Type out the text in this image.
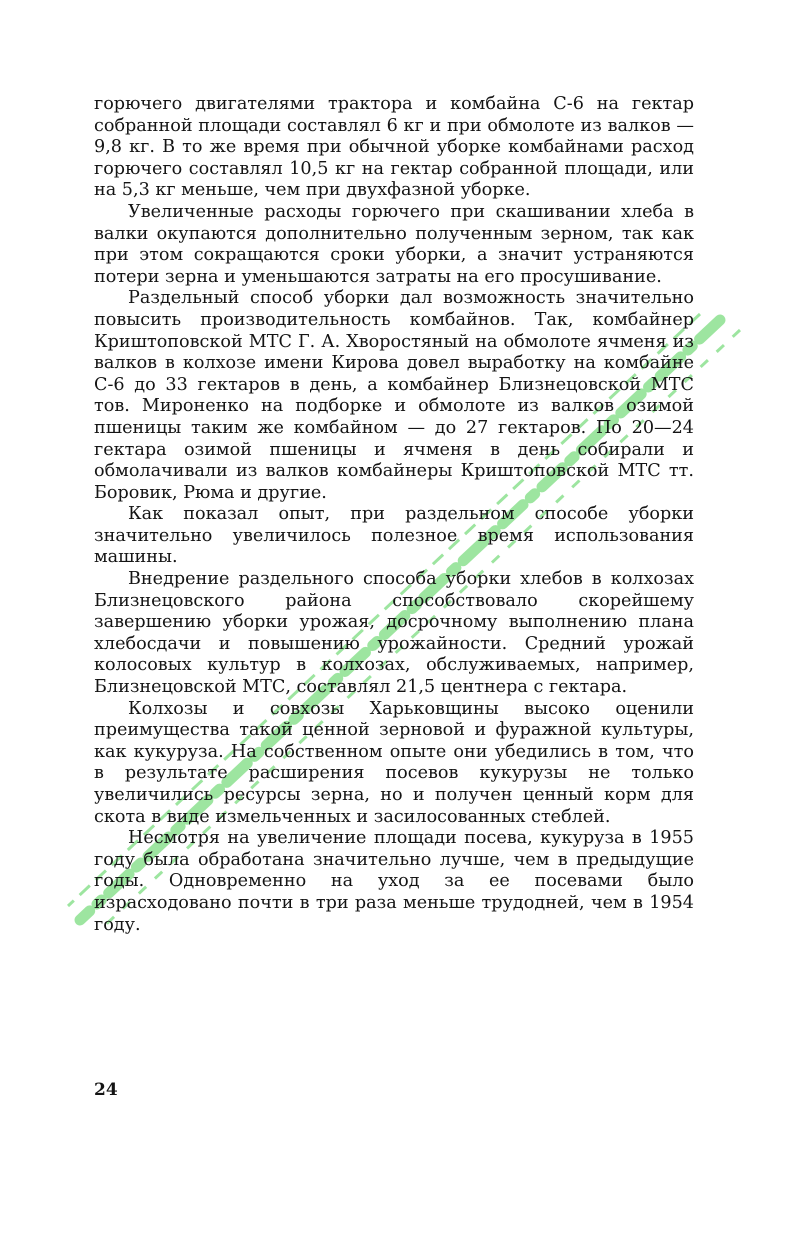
горючего двигателями трактора и комбайна С-6 на гектар собранной площади составлял 6 кг и при обмолоте из валков — 9,8 кг. В то же время при обычной уборке комбайнами расход горючего составлял 10,5 кг на гектар собранной площади, или на 5,3 кг меньше, чем при двухфазной уборке.

Увеличенные расходы горючего при скашивании хлеба в валки окупаются дополнительно полученным зерном, так как при этом сокращаются сроки уборки, а значит устраняются потери зерна и уменьшаются затраты на его просушивание.

Раздельный способ уборки дал возможность значительно повысить производительность комбайнов. Так, комбайнер Криштоповской МТС Г. А. Хворостяный на обмолоте ячменя из валков в колхозе имени Кирова довел выработку на комбайне С-6 до 33 гектаров в день, а комбайнер Близнецовской МТС тов. Мироненко на подборке и обмолоте из валков озимой пшеницы таким же комбайном — до 27 гектаров. По 20—24 гектара озимой пшеницы и ячменя в день собирали и обмолачивали из валков комбайнеры Криштоповской МТС тт. Боровик, Рюма и другие.

Как показал опыт, при раздельном способе уборки значительно увеличилось полезное время использования машины.

Внедрение раздельного способа уборки хлебов в колхозах Близнецовского района способствовало скорейшему завершению уборки урожая, досрочному выполнению плана хлебосдачи и повышению урожайности. Средний урожай колосовых культур в колхозах, обслуживаемых, например, Близнецовской МТС, составлял 21,5 центнера с гектара.

Колхозы и совхозы Харьковщины высоко оценили преимущества такой ценной зерновой и фуражной культуры, как кукуруза. На собственном опыте они убедились в том, что в результате расширения посевов кукурузы не только увеличились ресурсы зерна, но и получен ценный корм для скота в виде измельченных и засилосованных стеблей.

Несмотря на увеличение площади посева, кукуруза в 1955 году была обработана значительно лучше, чем в предыдущие годы. Одновременно на уход за ее посевами было израсходовано почти в три раза меньше трудодней, чем в 1954 году.

24
